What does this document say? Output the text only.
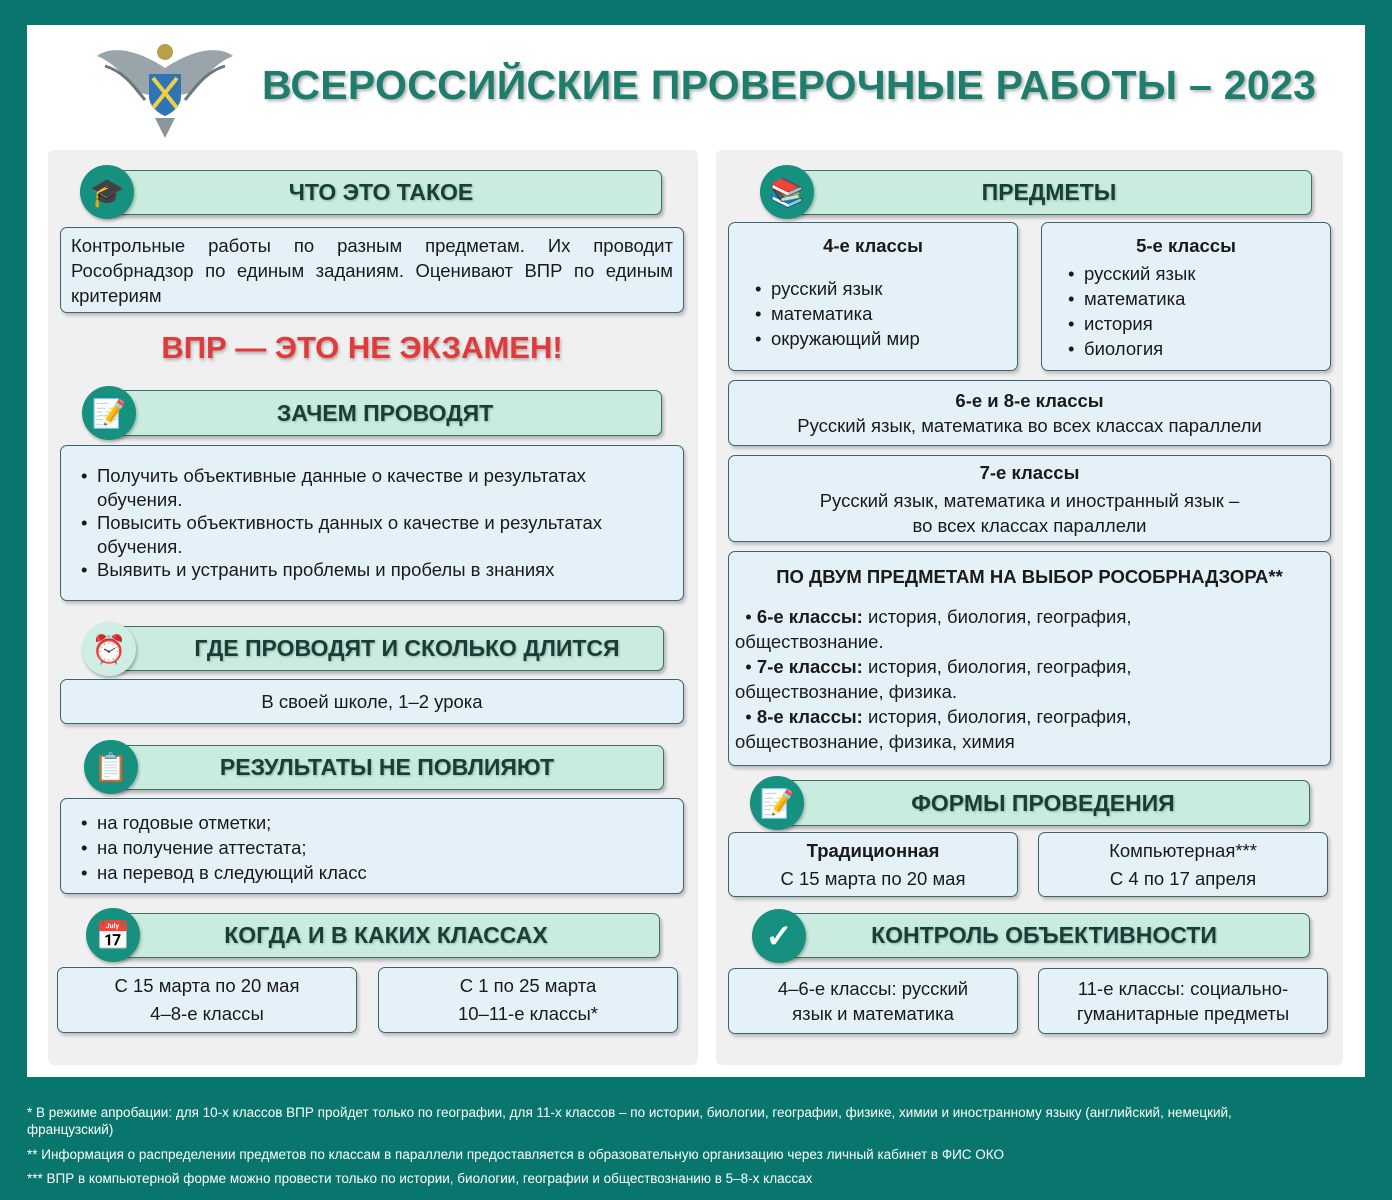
ВСЕРОССИЙСКИЕ ПРОВЕРОЧНЫЕ РАБОТЫ – 2023
ЧТО ЭТО ТАКОЕ
🎓
Контрольные работы по разным предметам. Их проводит Рособрнадзор по единым заданиям. Оценивают ВПР по единым критериям
ВПР — ЭТО НЕ ЭКЗАМЕН!
ЗАЧЕМ ПРОВОДЯТ
📝
• Получить объективные данные о качестве и результатах обучения.
• Повысить объективность данных о качестве и результатах обучения.
• Выявить и устранить проблемы и пробелы в знаниях
ГДЕ ПРОВОДЯТ И СКОЛЬКО ДЛИТСЯ
⏰
В своей школе, 1–2 урока
РЕЗУЛЬТАТЫ НЕ ПОВЛИЯЮТ
📋
• на годовые отметки;
• на получение аттестата;
• на перевод в следующий класс
КОГДА И В КАКИХ КЛАССАХ
📅
С 15 марта по 20 мая
4–8-е классы
С 1 по 25 марта
10–11-е классы*
ПРЕДМЕТЫ
📚
4-е классы
• русский язык
• математика
• окружающий мир
5-е классы
• русский язык
• математика
• история
• биология
6-е и 8-е классы
Русский язык, математика во всех классах параллели
7-е классы
Русский язык, математика и иностранный язык –
во всех классах параллели
ПО ДВУМ ПРЕДМЕТАМ НА ВЫБОР РОСОБРНАДЗОРА**
• 6-е классы: история, биология, география,
обществознание.
• 7-е классы: история, биология, география,
обществознание, физика.
• 8-е классы: история, биология, география,
обществознание, физика, химия
ФОРМЫ ПРОВЕДЕНИЯ
📝
Традиционная
С 15 марта по 20 мая
Компьютерная***
С 4 по 17 апреля
КОНТРОЛЬ ОБЪЕКТИВНОСТИ
✓
4–6-е классы: русский
язык и математика
11-е классы: социально-
гуманитарные предметы
* В режиме апробации: для 10-х классов ВПР пройдет только по географии, для 11-х классов – по истории, биологии, географии, физике, химии и иностранному языку (английский, немецкий, французский)
** Информация о распределении предметов по классам в параллели предоставляется в образовательную организацию через личный кабинет в ФИС ОКО
*** ВПР в компьютерной форме можно провести только по истории, биологии, географии и обществознанию в 5–8-х классах
